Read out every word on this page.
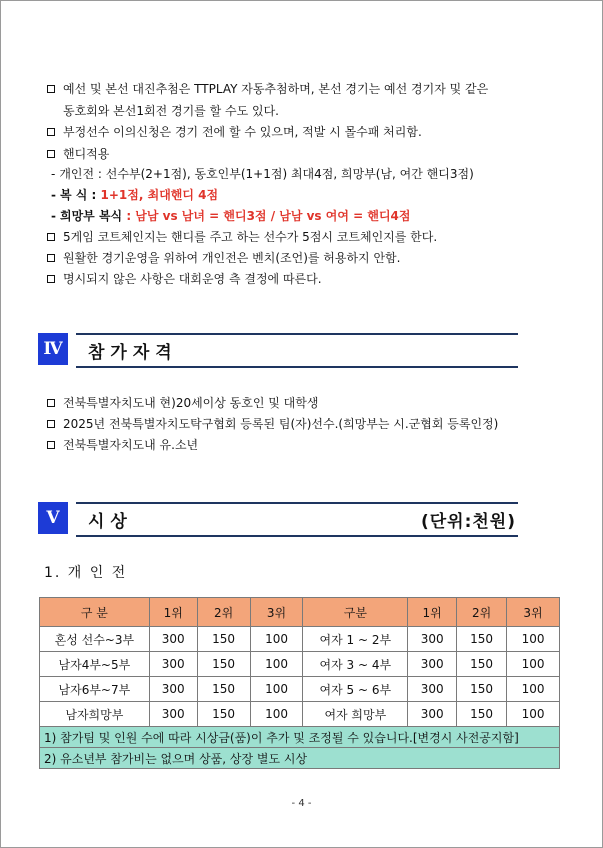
예선 및 본선 대진추첨은 TTPLAY 자동추첨하며, 본선 경기는 예선 경기자 및 같은
동호회와 본선1회전 경기를 할 수도 있다.
부정선수 이의신청은 경기 전에 할 수 있으며, 적발 시 몰수패 처리함.
핸디적용
- 개인전 : 선수부(2+1점), 동호인부(1+1점) 최대4점, 희망부(남, 여간 핸디3점)
- 복 식 : 1+1점, 최대핸디 4점
- 희망부 복식 : 남남 vs 남녀 = 핸디3점 / 남남 vs 여여 = 핸디4점
5게임 코트체인지는 핸디를 주고 하는 선수가 5점시 코트체인지를 한다.
원활한 경기운영을 위하여 개인전은 벤치(조언)를 허용하지 안함.
명시되지 않은 사항은 대회운영 측 결정에 따른다.
Ⅳ	참가자격
전북특별자치도내 현)20세이상 동호인 및 대학생
2025년 전북특별자치도탁구협회 등록된 팀(자)선수.(희망부는 시.군협회 등록인정)
전북특별자치도내 유.소년
Ⅴ	시상	(단위:천원)
1. 개 인 전
구 분	1위	2위	3위	구분	1위	2위	3위
혼성 선수~3부	300	150	100	여자 1 ~ 2부	300	150	100
남자4부~5부	300	150	100	여자 3 ~ 4부	300	150	100
남자6부~7부	300	150	100	여자 5 ~ 6부	300	150	100
남자희망부	300	150	100	여자 희망부	300	150	100
1) 참가팀 및 인원 수에 따라 시상금(품)이 추가 및 조정될 수 있습니다.[변경시 사전공지함]							
2) 유소년부 참가비는 없으며 상품, 상장 별도 시상							
- 4 -
